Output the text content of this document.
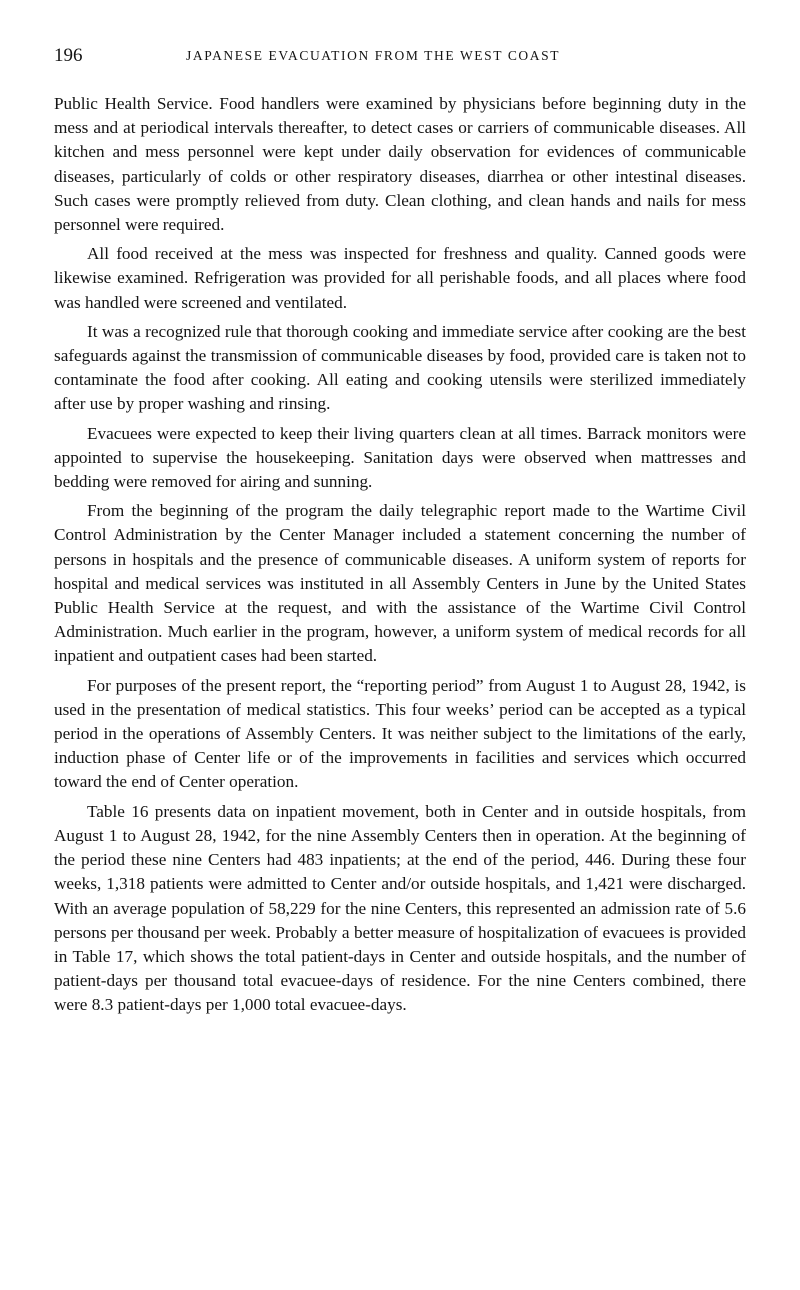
196	JAPANESE EVACUATION FROM THE WEST COAST

Public Health Service. Food handlers were examined by physicians before beginning duty in the mess and at periodical intervals thereafter, to detect cases or carriers of communicable diseases. All kitchen and mess personnel were kept under daily observation for evidences of communicable diseases, particularly of colds or other respiratory diseases, diarrhea or other intestinal diseases. Such cases were promptly relieved from duty. Clean clothing, and clean hands and nails for mess personnel were required.

All food received at the mess was inspected for freshness and quality. Canned goods were likewise examined. Refrigeration was provided for all perishable foods, and all places where food was handled were screened and ventilated.

It was a recognized rule that thorough cooking and immediate service after cooking are the best safeguards against the transmission of communicable diseases by food, provided care is taken not to contaminate the food after cooking. All eating and cooking utensils were sterilized immediately after use by proper washing and rinsing.

Evacuees were expected to keep their living quarters clean at all times. Barrack monitors were appointed to supervise the housekeeping. Sanitation days were observed when mattresses and bedding were removed for airing and sunning.

From the beginning of the program the daily telegraphic report made to the Wartime Civil Control Administration by the Center Manager included a statement concerning the number of persons in hospitals and the presence of communicable diseases. A uniform system of reports for hospital and medical services was instituted in all Assembly Centers in June by the United States Public Health Service at the request, and with the assistance of the Wartime Civil Control Administration. Much earlier in the program, however, a uniform system of medical records for all inpatient and outpatient cases had been started.

For purposes of the present report, the “reporting period” from August 1 to August 28, 1942, is used in the presentation of medical statistics. This four weeks’ period can be accepted as a typical period in the operations of Assembly Centers. It was neither subject to the limitations of the early, induction phase of Center life or of the improvements in facilities and services which occurred toward the end of Center operation.

Table 16 presents data on inpatient movement, both in Center and in outside hospitals, from August 1 to August 28, 1942, for the nine Assembly Centers then in operation. At the beginning of the period these nine Centers had 483 inpatients; at the end of the period, 446. During these four weeks, 1,318 patients were admitted to Center and/or outside hospitals, and 1,421 were discharged. With an average population of 58,229 for the nine Centers, this represented an admission rate of 5.6 persons per thousand per week. Probably a better measure of hospitalization of evacuees is provided in Table 17, which shows the total patient-days in Center and outside hospitals, and the number of patient-days per thousand total evacuee-days of residence. For the nine Centers combined, there were 8.3 patient-days per 1,000 total evacuee-days.
